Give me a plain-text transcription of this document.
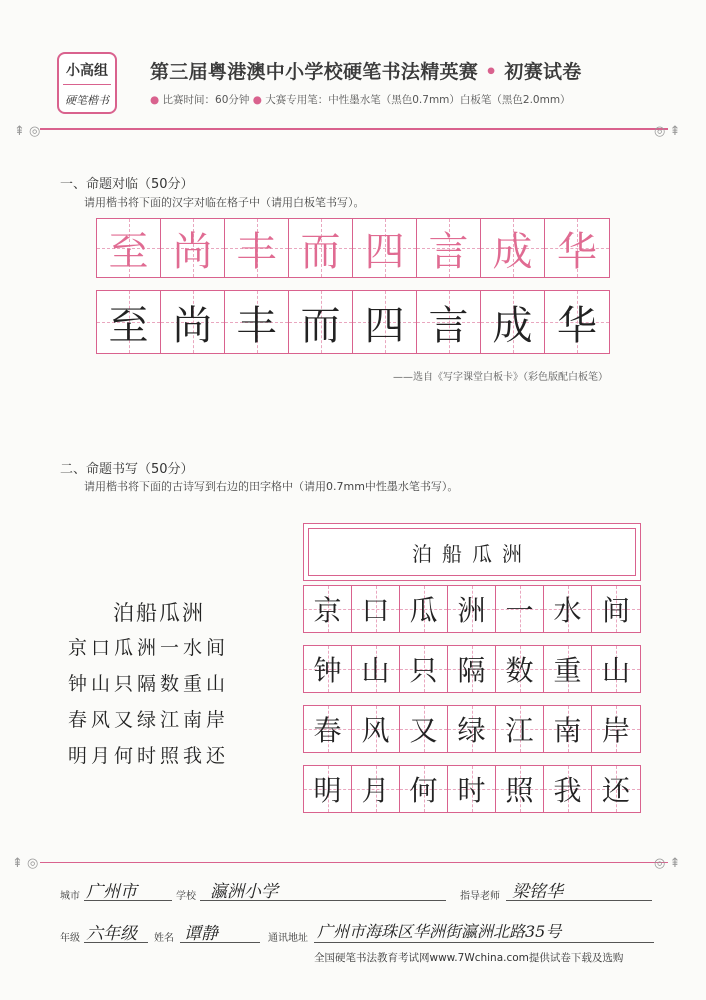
小高组
硬笔楷书
第三届粤港澳中小学校硬笔书法精英赛 • 初赛试卷
● 比赛时间：60分钟 ● 大赛专用笔：中性墨水笔（黑色0.7mm）白板笔（黑色2.0mm）
⇞ ◎	◎ ⇞
一、命题对临（50分）
请用楷书将下面的汉字对临在格子中（请用白板笔书写）。
至 尚 丰 而 四 言 成 华
至 尚 丰 而 四 言 成 华
——选自《写字课堂白板卡》（彩色版配白板笔）
二、命题书写（50分）
请用楷书将下面的古诗写到右边的田字格中（请用0.7mm中性墨水笔书写）。
泊船瓜洲
京口瓜洲一水间
钟山只隔数重山
春风又绿江南岸
明月何时照我还
泊船瓜洲
京 口 瓜 洲 一 水 间
钟 山 只 隔 数 重 山
春 风 又 绿 江 南 岸
明 月 何 时 照 我 还
⇞ ◎	◎ ⇞
城市 广州市	学校 瀛洲小学	指导老师 梁铭华
年级 六年级 姓名 谭静	通讯地址 广州市海珠区华洲街瀛洲北路35号
全国硬笔书法教育考试网www.7Wchina.com提供试卷下载及选购
